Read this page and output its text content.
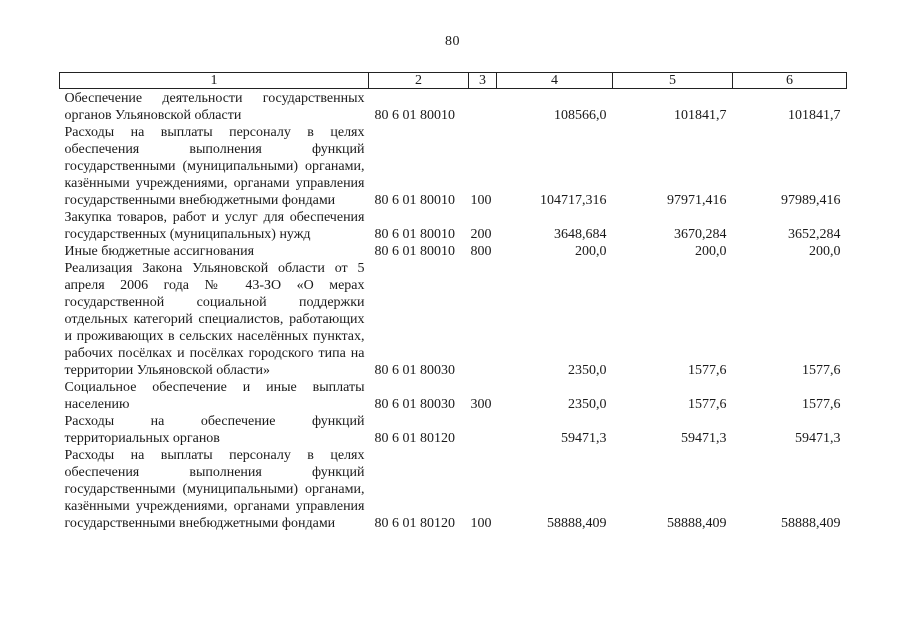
80
1	2	3	4	5	6
Обеспечение деятельности государственных органов Ульяновской области	80 6 01 80010		108566,0	101841,7	101841,7
Расходы на выплаты персоналу в целях обеспечения выполнения функций государственными (муниципальными) органами, казёнными учреждениями, органами управления государственными внебюджетными фондами	80 6 01 80010	100	104717,316	97971,416	97989,416
Закупка товаров, работ и услуг для обеспечения государственных (муниципальных) нужд	80 6 01 80010	200	3648,684	3670,284	3652,284
Иные бюджетные ассигнования	80 6 01 80010	800	200,0	200,0	200,0
Реализация Закона Ульяновской области от 5 апреля 2006 года № 43-ЗО «О мерах государственной социальной поддержки отдельных категорий специалистов, работающих и проживающих в сельских населённых пунктах, рабочих посёлках и посёлках городского типа на территории Ульяновской области»	80 6 01 80030		2350,0	1577,6	1577,6
Социальное обеспечение и иные выплаты населению	80 6 01 80030	300	2350,0	1577,6	1577,6
Расходы на обеспечение функций территориальных органов	80 6 01 80120		59471,3	59471,3	59471,3
Расходы на выплаты персоналу в целях обеспечения выполнения функций государственными (муниципальными) органами, казёнными учреждениями, органами управления государственными внебюджетными фондами	80 6 01 80120	100	58888,409	58888,409	58888,409
